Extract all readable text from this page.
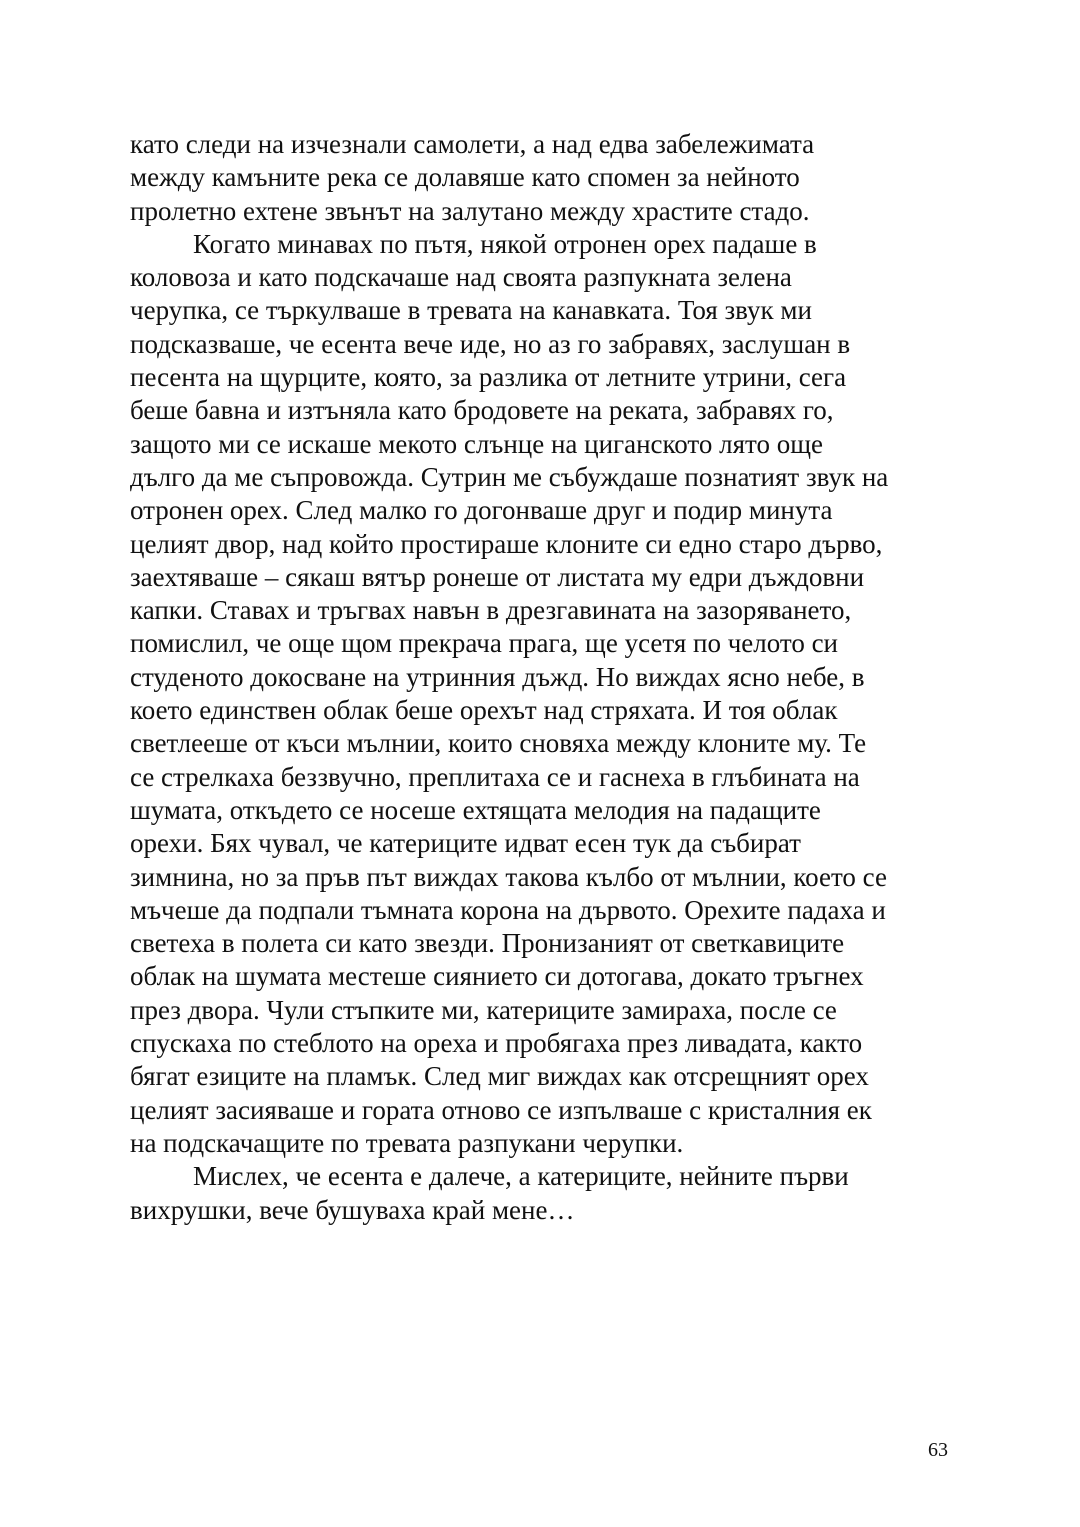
като следи на изчезнали самолети, а над едва забележимата
между камъните река се долавяше като спомен за нейното
пролетно ехтене звънът на залутано между храстите стадо.
Когато минавах по пътя, някой отронен орех падаше в
коловоза и като подскачаше над своята разпукната зелена
черупка, се търкулваше в тревата на канавката. Тоя звук ми
подсказваше, че есента вече иде, но аз го забравях, заслушан в
песента на щурците, която, за разлика от летните утрини, сега
беше бавна и изтъняла като бродовете на реката, забравях го,
защото ми се искаше мекото слънце на циганското лято още
дълго да ме съпровожда. Сутрин ме събуждаше познатият звук на
отронен орех. След малко го догонваше друг и подир минута
целият двор, над който простираше клоните си едно старо дърво,
заехтяваше – сякаш вятър ронеше от листата му едри дъждовни
капки. Ставах и тръгвах навън в дрезгавината на зазоряването,
помислил, че още щом прекрача прага, ще усетя по челото си
студеното докосване на утринния дъжд. Но виждах ясно небе, в
което единствен облак беше орехът над стряхата. И тоя облак
светлееше от къси мълнии, които сновяха между клоните му. Те
се стрелкаха беззвучно, преплитаха се и гаснеха в глъбината на
шумата, откъдето се носеше ехтящата мелодия на падащите
орехи. Бях чувал, че катериците идват есен тук да събират
зимнина, но за пръв път виждах такова кълбо от мълнии, което се
мъчеше да подпали тъмната корона на дървото. Орехите падаха и
светеха в полета си като звезди. Пронизаният от светкавиците
облак на шумата местеше сиянието си дотогава, докато тръгнех
през двора. Чули стъпките ми, катериците замираха, после се
спускаха по стеблото на ореха и пробягаха през ливадата, както
бягат езиците на пламък. След миг виждах как отсрещният орех
целият засияваше и гората отново се изпълваше с кристалния ек
на подскачащите по тревата разпукани черупки.
Мислех, че есента е далече, а катериците, нейните първи
вихрушки, вече бушуваха край мене…
63
